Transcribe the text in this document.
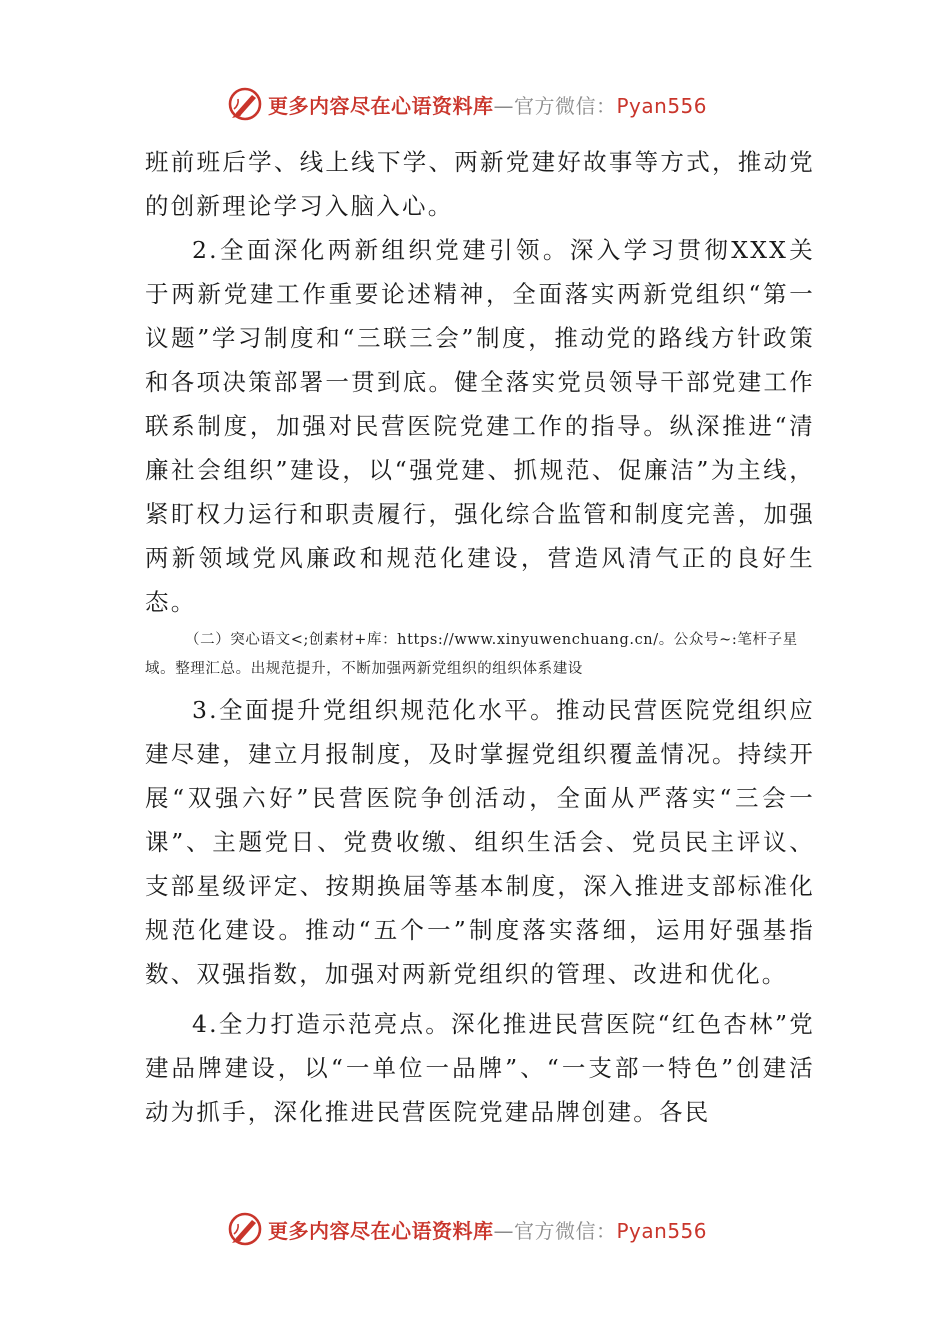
更多内容尽在心语资料库—官方微信：Pyan556

班前班后学、线上线下学、两新党建好故事等方式，推动党的创新理论学习入脑入心。

2.全面深化两新组织党建引领。深入学习贯彻XXX关于两新党建工作重要论述精神，全面落实两新党组织“第一议题”学习制度和“三联三会”制度，推动党的路线方针政策和各项决策部署一贯到底。健全落实党员领导干部党建工作联系制度，加强对民营医院党建工作的指导。纵深推进“清廉社会组织”建设，以“强党建、抓规范、促廉洁”为主线，紧盯权力运行和职责履行，强化综合监管和制度完善，加强两新领域党风廉政和规范化建设，营造风清气正的良好生态。

（二）突心语文<;创素材+库：https://www.xinyuwenchuang.cn/。公众号~:笔杆子星域。整理汇总。出规范提升，不断加强两新党组织的组织体系建设

3.全面提升党组织规范化水平。推动民营医院党组织应建尽建，建立月报制度，及时掌握党组织覆盖情况。持续开展“双强六好”民营医院争创活动，全面从严落实“三会一课”、主题党日、党费收缴、组织生活会、党员民主评议、支部星级评定、按期换届等基本制度，深入推进支部标准化规范化建设。推动“五个一”制度落实落细，运用好强基指数、双强指数，加强对两新党组织的管理、改进和优化。

4.全力打造示范亮点。深化推进民营医院“红色杏林”党建品牌建设，以“一单位一品牌”、“一支部一特色”创建活动为抓手，深化推进民营医院党建品牌创建。各民

更多内容尽在心语资料库—官方微信：Pyan556
